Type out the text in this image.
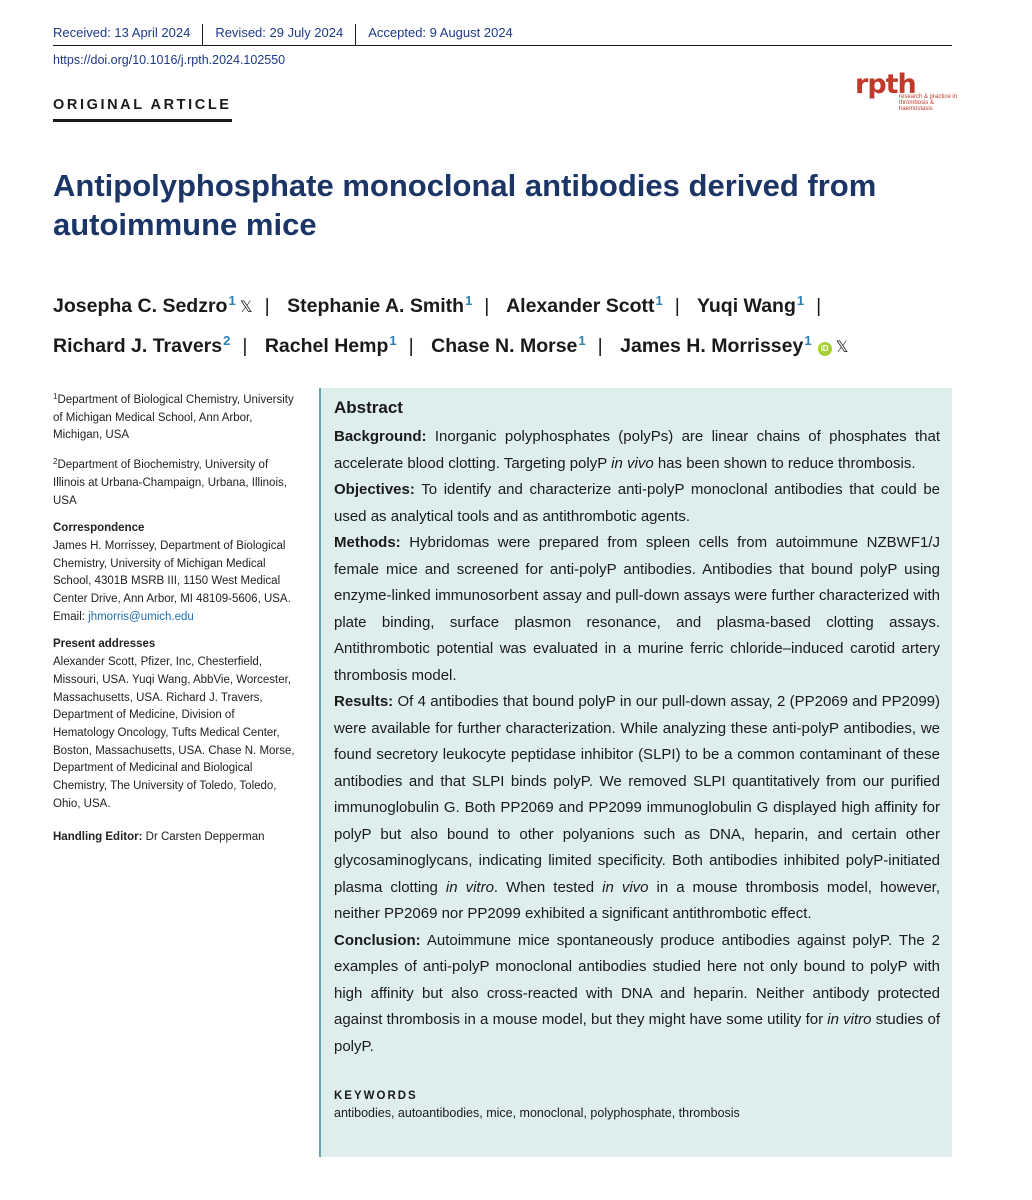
Received: 13 April 2024	Revised: 29 July 2024	Accepted: 9 August 2024
https://doi.org/10.1016/j.rpth.2024.102550
rpth
research & practice in thrombosis & haemostasis
ORIGINAL ARTICLE
Antipolyphosphate monoclonal antibodies derived from autoimmune mice
Josepha C. Sedzro$^1$ 𝕏 | Stephanie A. Smith$^1$ | Alexander Scott$^1$ | Yuqi Wang$^1$ |
Richard J. Travers$^2$ | Rachel Hemp$^1$ | Chase N. Morse$^1$ | James H. Morrissey$^1$iD 𝕏
$^1$Department of Biological Chemistry, University of Michigan Medical School, Ann Arbor, Michigan, USA
$^2$Department of Biochemistry, University of Illinois at Urbana-Champaign, Urbana, Illinois, USA
Correspondence
James H. Morrissey, Department of Biological Chemistry, University of Michigan Medical School, 4301B MSRB III, 1150 West Medical Center Drive, Ann Arbor, MI 48109-5606, USA.
Email: jhmorris@umich.edu
Present addresses
Alexander Scott, Pfizer, Inc, Chesterfield, Missouri, USA. Yuqi Wang, AbbVie, Worcester, Massachusetts, USA. Richard J. Travers, Department of Medicine, Division of Hematology Oncology, Tufts Medical Center, Boston, Massachusetts, USA. Chase N. Morse, Department of Medicinal and Biological Chemistry, The University of Toledo, Toledo, Ohio, USA.
Handling Editor: Dr Carsten Depperman
Abstract

Background: Inorganic polyphosphates (polyPs) are linear chains of phosphates that accelerate blood clotting. Targeting polyP in vivo has been shown to reduce thrombosis.

Objectives: To identify and characterize anti-polyP monoclonal antibodies that could be used as analytical tools and as antithrombotic agents.

Methods: Hybridomas were prepared from spleen cells from autoimmune NZBWF1/J female mice and screened for anti-polyP antibodies. Antibodies that bound polyP using enzyme-linked immunosorbent assay and pull-down assays were further characterized with plate binding, surface plasmon resonance, and plasma-based clotting assays. Antithrombotic potential was evaluated in a murine ferric chloride–induced carotid artery thrombosis model.

Results: Of 4 antibodies that bound polyP in our pull-down assay, 2 (PP2069 and PP2099) were available for further characterization. While analyzing these anti-polyP antibodies, we found secretory leukocyte peptidase inhibitor (SLPI) to be a common contaminant of these antibodies and that SLPI binds polyP. We removed SLPI quantitatively from our purified immunoglobulin G. Both PP2069 and PP2099 immunoglobulin G displayed high affinity for polyP but also bound to other polyanions such as DNA, heparin, and certain other glycosaminoglycans, indicating limited specificity. Both antibodies inhibited polyP-initiated plasma clotting in vitro. When tested in vivo in a mouse thrombosis model, however, neither PP2069 nor PP2099 exhibited a significant antithrombotic effect.

Conclusion: Autoimmune mice spontaneously produce antibodies against polyP. The 2 examples of anti-polyP monoclonal antibodies studied here not only bound to polyP with high affinity but also cross-reacted with DNA and heparin. Neither antibody protected against thrombosis in a mouse model, but they might have some utility for in vitro studies of polyP.

KEYWORDS
antibodies, autoantibodies, mice, monoclonal, polyphosphate, thrombosis
